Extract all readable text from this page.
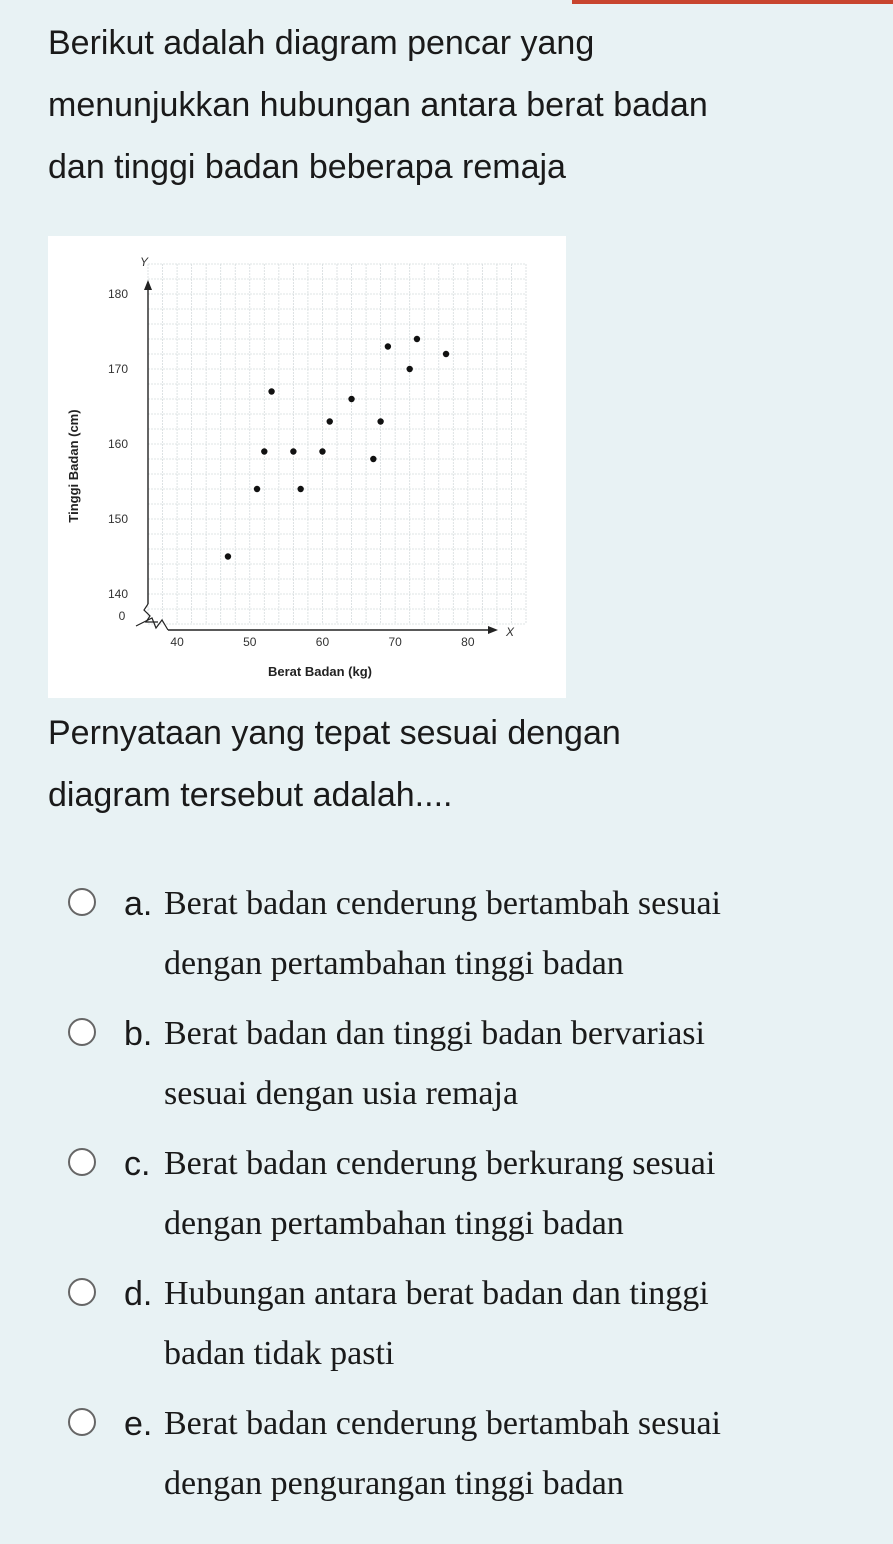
Berikut adalah diagram pencar yang
menunjukkan hubungan antara berat badan
dan tinggi badan beberapa remaja
140
150
160
170
180
40	50	60	70	80
0
Y
X
Berat Badan (kg)
Tinggi Badan (cm)
Pernyataan yang tepat sesuai dengan
diagram tersebut adalah....
a. Berat badan cenderung bertambah sesuai
dengan pertambahan tinggi badan
b. Berat badan dan tinggi badan bervariasi
sesuai dengan usia remaja
c. Berat badan cenderung berkurang sesuai
dengan pertambahan tinggi badan
d. Hubungan antara berat badan dan tinggi
badan tidak pasti
e. Berat badan cenderung bertambah sesuai
dengan pengurangan tinggi badan
